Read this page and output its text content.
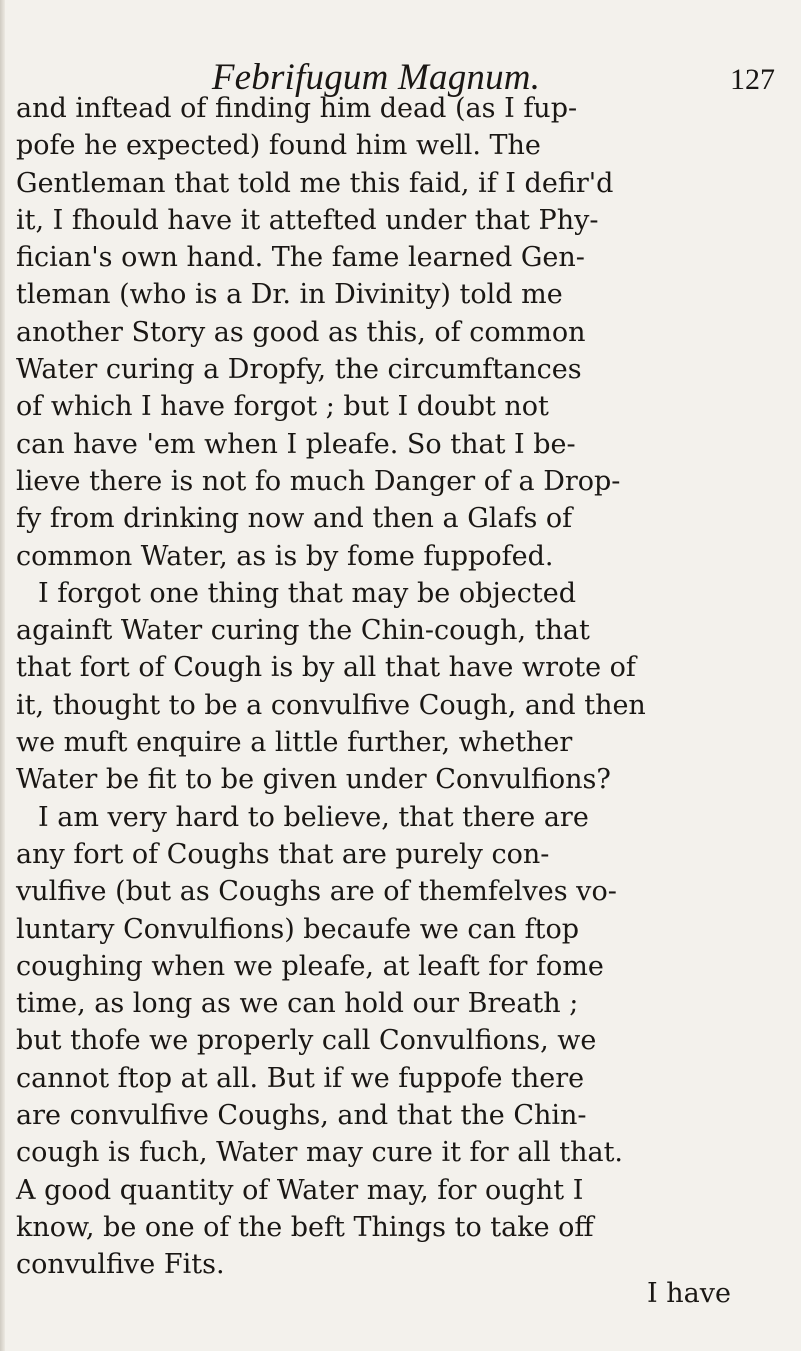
Febrifugum Magnum.	127
and inftead of finding him dead (as I fup-
pofe he expected) found him well. The
Gentleman that told me this faid, if I defir'd
it, I fhould have it attefted under that Phy-
fician's own hand. The fame learned Gen-
tleman (who is a Dr. in Divinity) told me
another Story as good as this, of common
Water curing a Dropfy, the circumftances
of which I have forgot ; but I doubt not
can have 'em when I pleafe. So that I be-
lieve there is not fo much Danger of a Drop-
fy from drinking now and then a Glafs of
common Water, as is by fome fuppofed.
I forgot one thing that may be objected
againft Water curing the Chin-cough, that
that fort of Cough is by all that have wrote of
it, thought to be a convulfive Cough, and then
we muft enquire a little further, whether
Water be fit to be given under Convulfions?
I am very hard to believe, that there are
any fort of Coughs that are purely con-
vulfive (but as Coughs are of themfelves vo-
luntary Convulfions) becaufe we can ftop
coughing when we pleafe, at leaft for fome
time, as long as we can hold our Breath ;
but thofe we properly call Convulfions, we
cannot ftop at all. But if we fuppofe there
are convulfive Coughs, and that the Chin-
cough is fuch, Water may cure it for all that.
A good quantity of Water may, for ought I
know, be one of the beft Things to take off
convulfive Fits.
I have
